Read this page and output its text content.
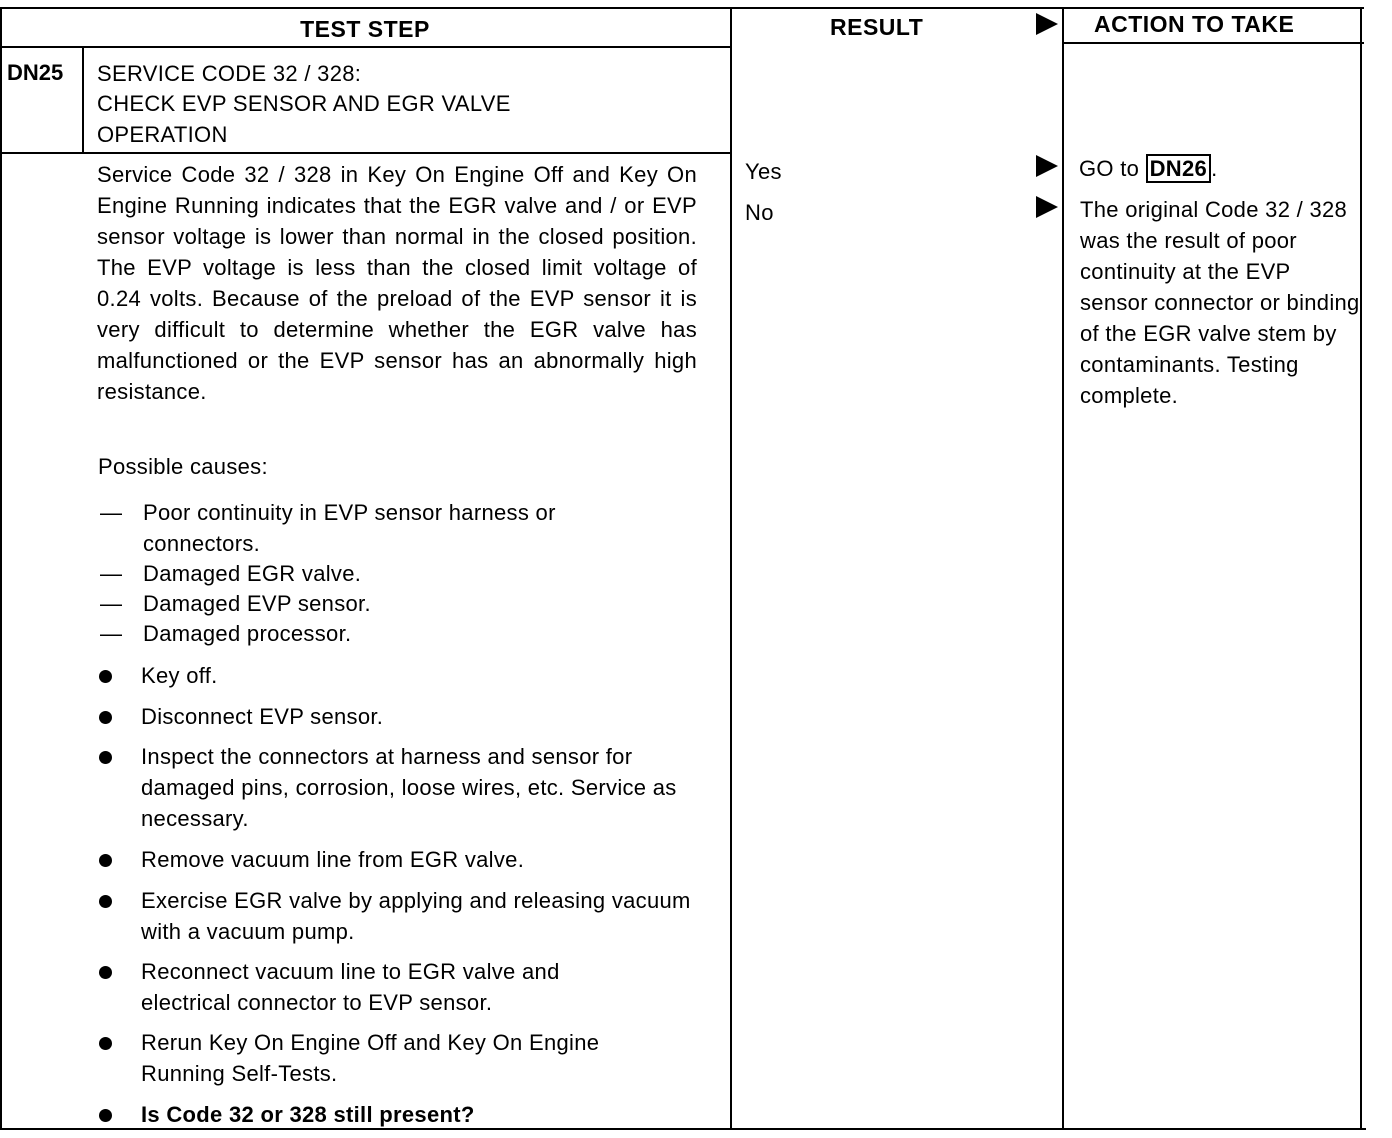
TEST STEP	RESULT	ACTION TO TAKE
DN25 SERVICE CODE 32 / 328:
CHECK EVP SENSOR AND EGR VALVE
OPERATION
Service Code 32 / 328 in Key On Engine Off and Key On Engine Running indicates that the EGR valve and / or EVP sensor voltage is lower than normal in the closed position. The EVP voltage is less than the closed limit voltage of 0.24 volts. Because of the preload of the EVP sensor it is very difficult to determine whether the EGR valve has malfunctioned or the EVP sensor has an abnormally high resistance.
Possible causes:
— Poor continuity in EVP sensor harness or connectors.
— Damaged EGR valve.
— Damaged EVP sensor.
— Damaged processor.
Key off.
Disconnect EVP sensor.
Inspect the connectors at harness and sensor for damaged pins, corrosion, loose wires, etc. Service as necessary.
Remove vacuum line from EGR valve.
Exercise EGR valve by applying and releasing vacuum with a vacuum pump.
Reconnect vacuum line to EGR valve and electrical connector to EVP sensor.
Rerun Key On Engine Off and Key On Engine Running Self-Tests.
Is Code 32 or 328 still present?
Yes
No
GO to DN26 .
The original Code 32 / 328 was the result of poor continuity at the EVP sensor connector or binding of the EGR valve stem by contaminants. Testing complete.
